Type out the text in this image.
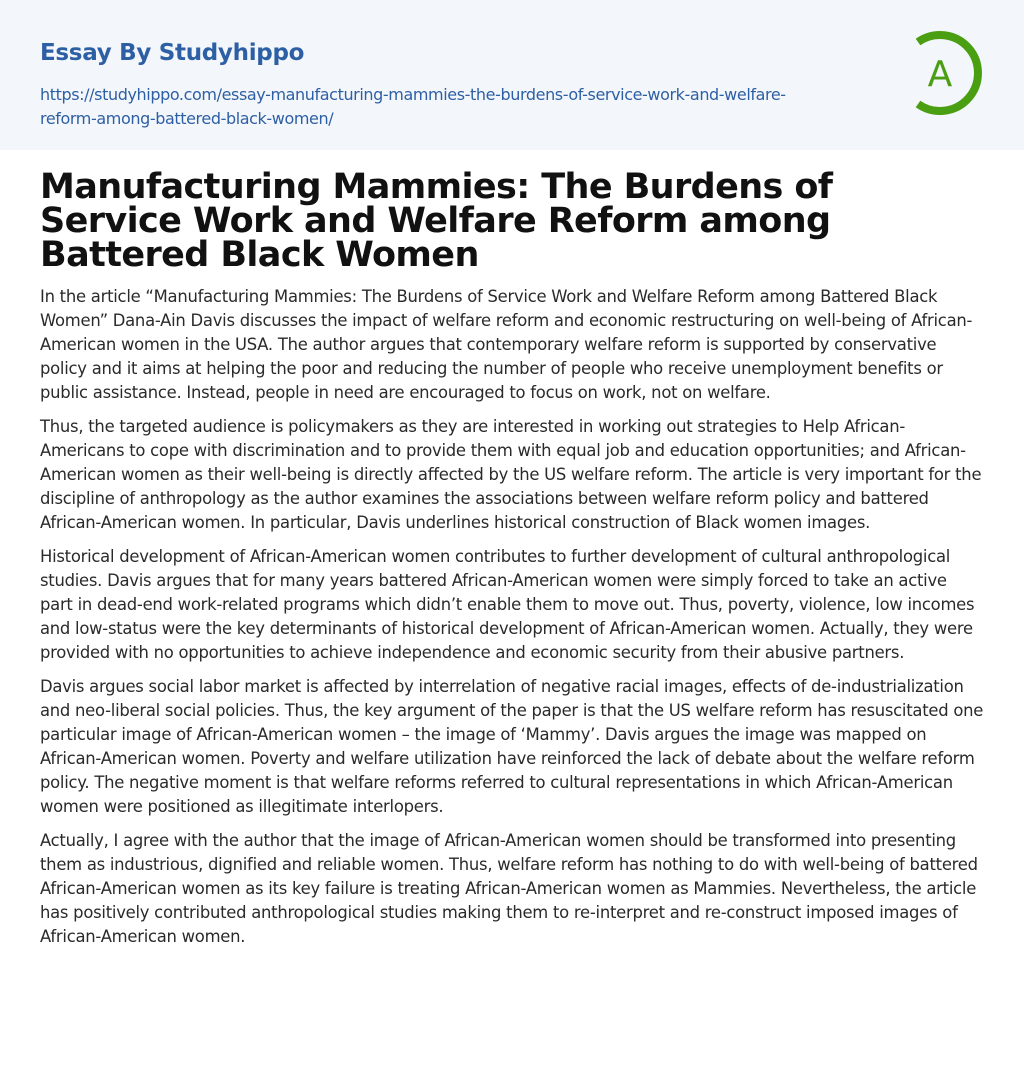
Essay By Studyhippo
https://studyhippo.com/essay-manufacturing-mammies-the-burdens-of-service-work-and-welfare-reform-among-battered-black-women/
A
Manufacturing Mammies: The Burdens of Service Work and Welfare Reform among Battered Black Women

In the article “Manufacturing Mammies: The Burdens of Service Work and Welfare Reform among Battered Black Women” Dana-Ain Davis discusses the impact of welfare reform and economic restructuring on well-being of African-American women in the USA. The author argues that contemporary welfare reform is supported by conservative policy and it aims at helping the poor and reducing the number of people who receive unemployment benefits or public assistance. Instead, people in need are encouraged to focus on work, not on welfare.

Thus, the targeted audience is policymakers as they are interested in working out strategies to Help African-Americans to cope with discrimination and to provide them with equal job and education opportunities; and African-American women as their well-being is directly affected by the US welfare reform. The article is very important for the discipline of anthropology as the author examines the associations between welfare reform policy and battered African-American women. In particular, Davis underlines historical construction of Black women images.

Historical development of African-American women contributes to further development of cultural anthropological studies. Davis argues that for many years battered African-American women were simply forced to take an active part in dead-end work-related programs which didn’t enable them to move out. Thus, poverty, violence, low incomes and low-status were the key determinants of historical development of African-American women. Actually, they were provided with no opportunities to achieve independence and economic security from their abusive partners.

Davis argues social labor market is affected by interrelation of negative racial images, effects of de-industrialization and neo-liberal social policies. Thus, the key argument of the paper is that the US welfare reform has resuscitated one particular image of African-American women – the image of ‘Mammy’. Davis argues the image was mapped on African-American women. Poverty and welfare utilization have reinforced the lack of debate about the welfare reform policy. The negative moment is that welfare reforms referred to cultural representations in which African-American women were positioned as illegitimate interlopers.

Actually, I agree with the author that the image of African-American women should be transformed into presenting them as industrious, dignified and reliable women. Thus, welfare reform has nothing to do with well-being of battered African-American women as its key failure is treating African-American women as Mammies. Nevertheless, the article has positively contributed anthropological studies making them to re-interpret and re-construct imposed images of African-American women.
